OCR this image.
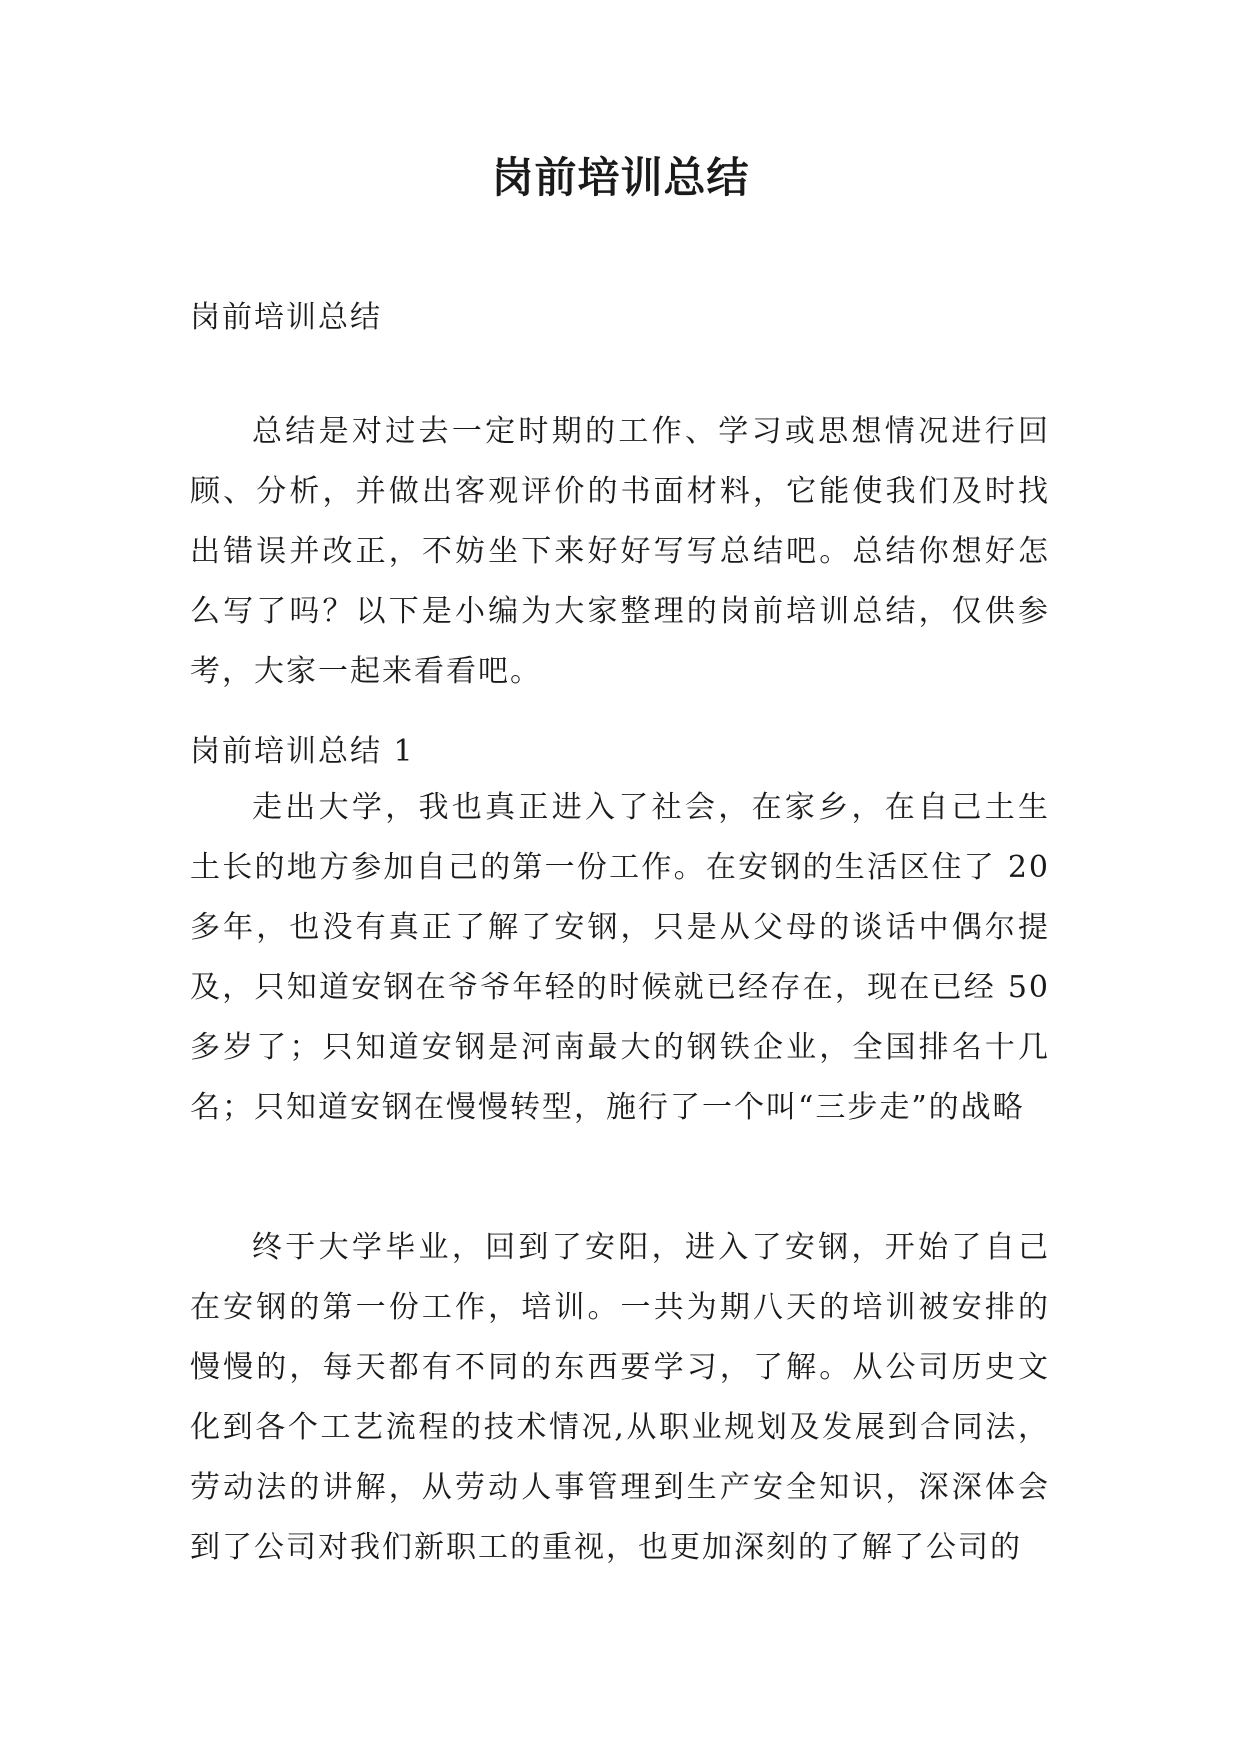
岗前培训总结

岗前培训总结

总结是对过去一定时期的工作、学习或思想情况进行回顾、分析，并做出客观评价的书面材料，它能使我们及时找出错误并改正，不妨坐下来好好写写总结吧。总结你想好怎么写了吗？以下是小编为大家整理的岗前培训总结，仅供参考，大家一起来看看吧。

岗前培训总结 1

走出大学，我也真正进入了社会，在家乡，在自己土生土长的地方参加自己的第一份工作。在安钢的生活区住了 20 多年，也没有真正了解了安钢，只是从父母的谈话中偶尔提及，只知道安钢在爷爷年轻的时候就已经存在，现在已经 50 多岁了；只知道安钢是河南最大的钢铁企业，全国排名十几名；只知道安钢在慢慢转型，施行了一个叫“三步走”的战略

终于大学毕业，回到了安阳，进入了安钢，开始了自己在安钢的第一份工作，培训。一共为期八天的培训被安排的慢慢的，每天都有不同的东西要学习，了解。从公司历史文化到各个工艺流程的技术情况,从职业规划及发展到合同法，劳动法的讲解，从劳动人事管理到生产安全知识，深深体会到了公司对我们新职工的重视，也更加深刻的了解了公司的
